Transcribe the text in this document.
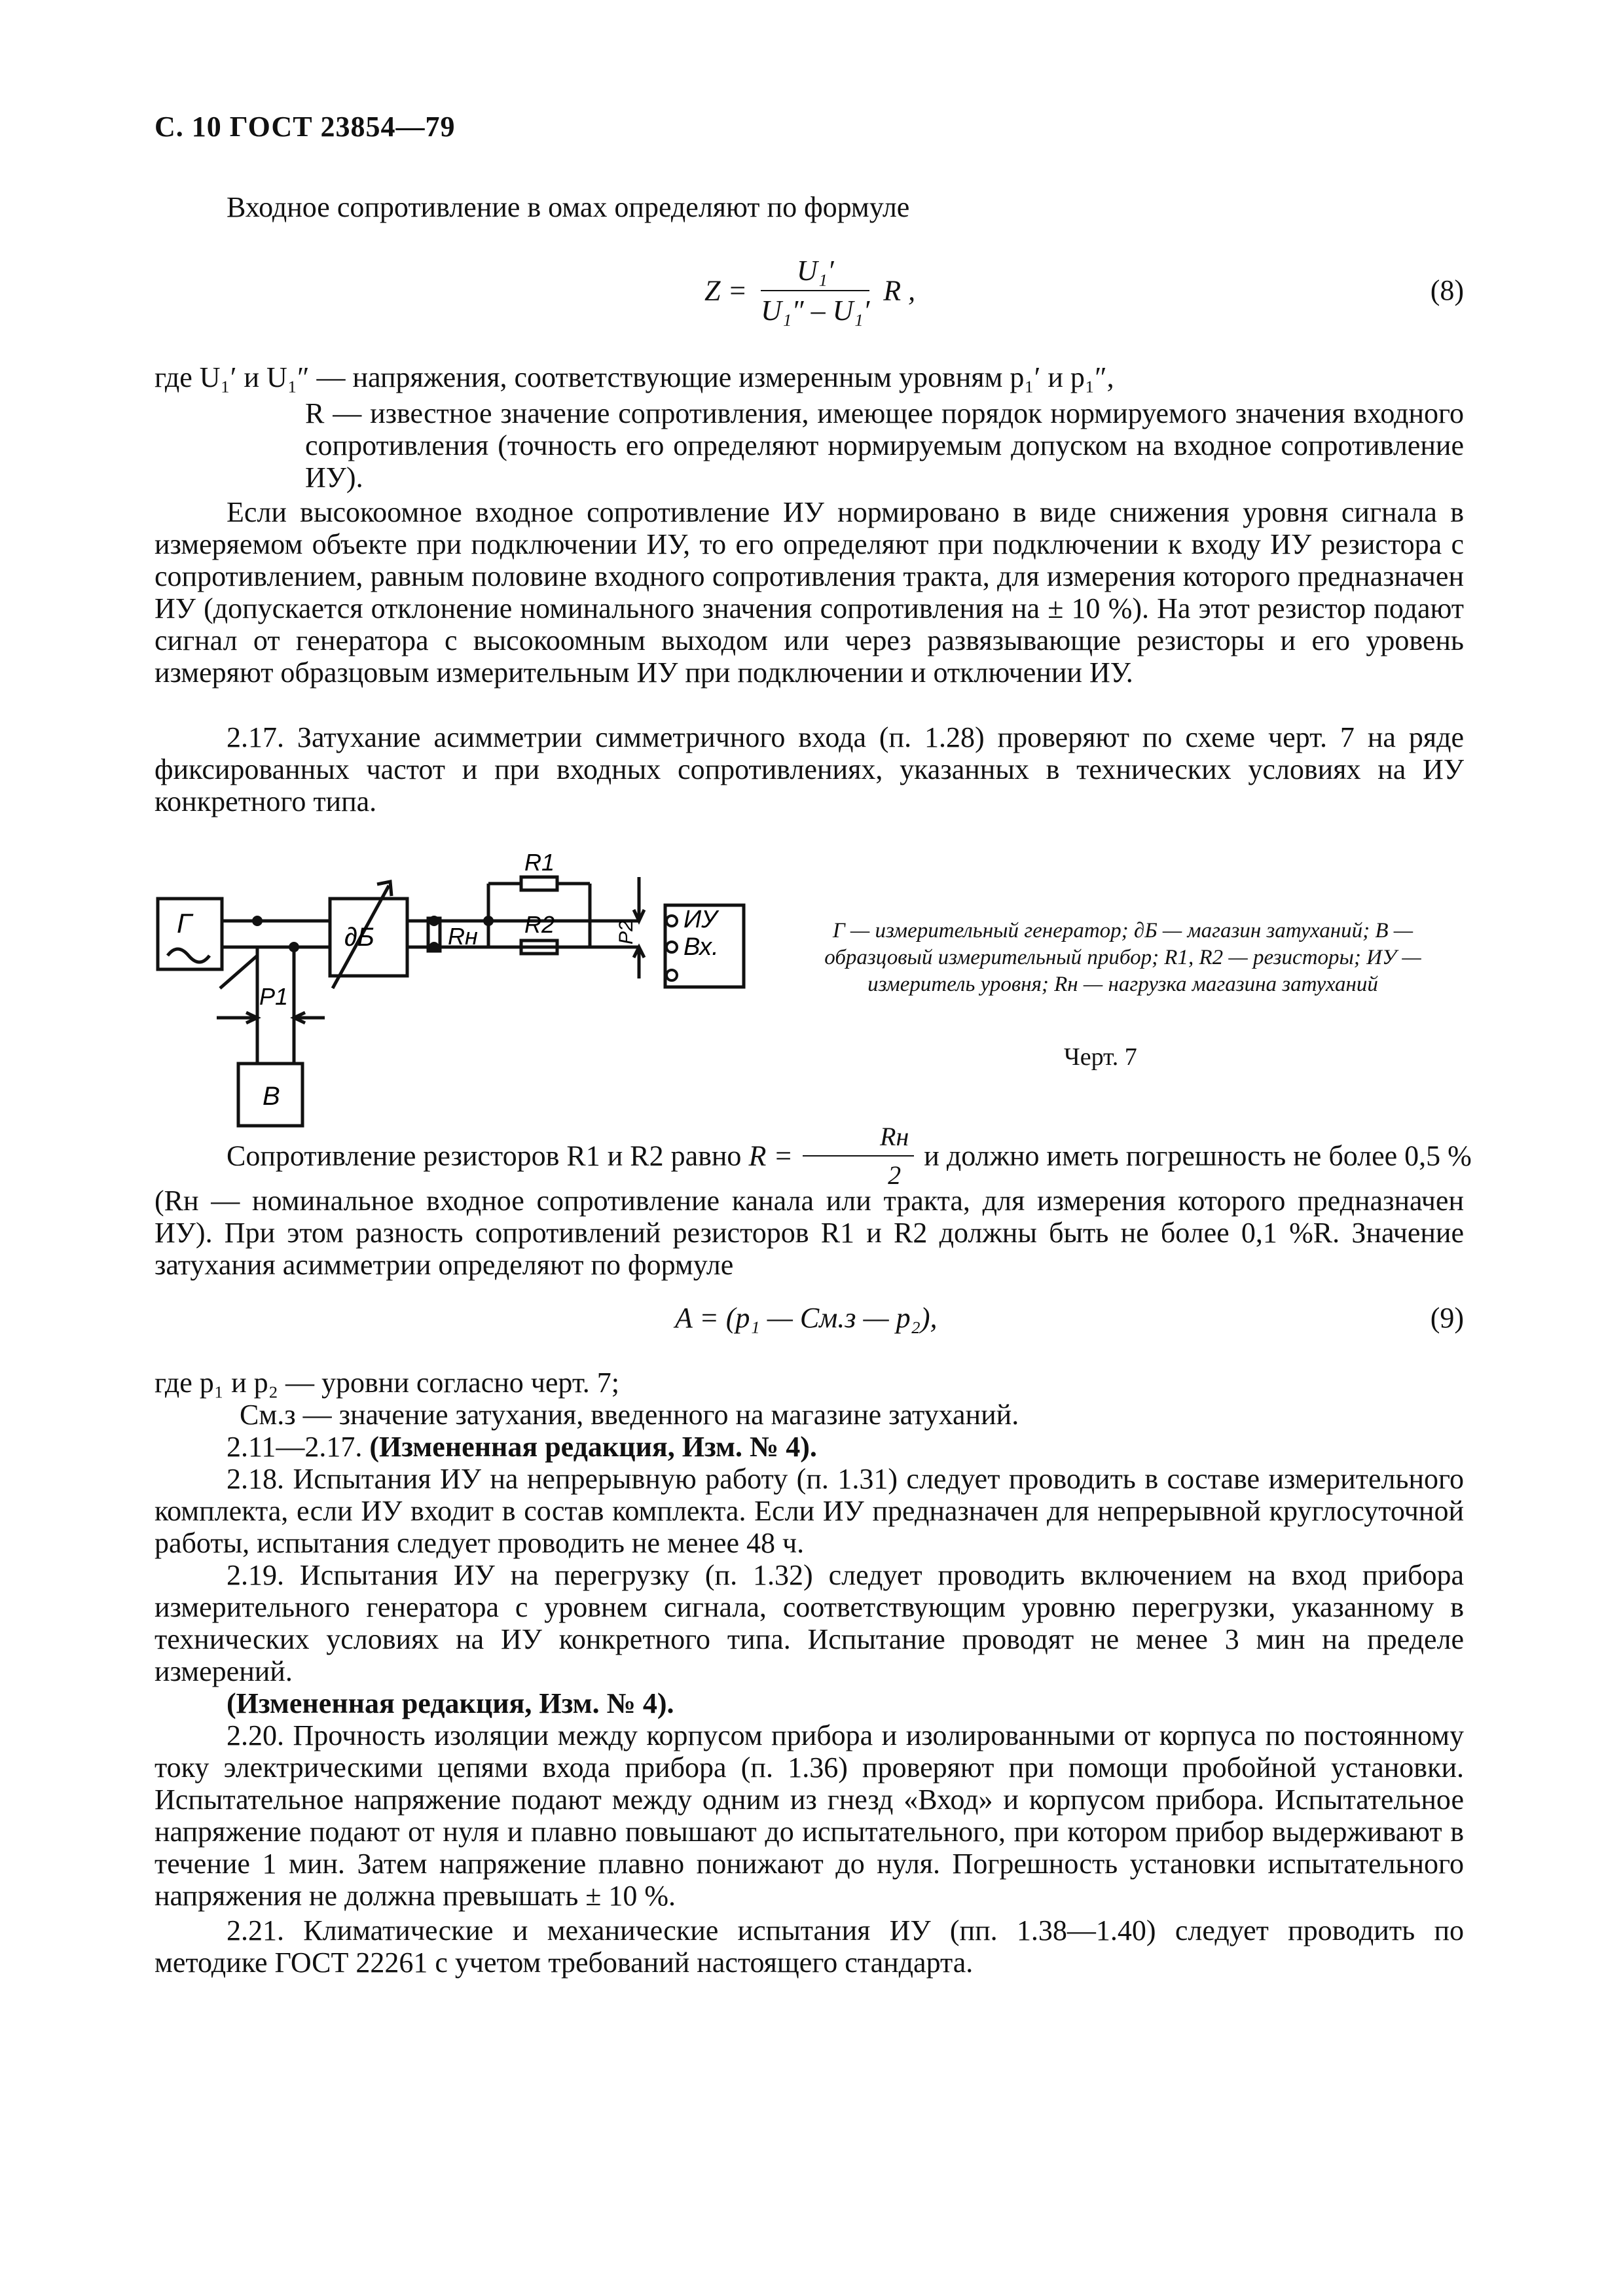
С. 10 ГОСТ 23854—79
Входное сопротивление в омах определяют по формуле
$Z = \frac{\text{U₁′}}{\text{U₁″ – U₁′}}$ R ,	(8)
где U₁′ и U₁″ — напряжения, соответствующие измеренным уровням p₁′ и p₁″,
R — известное значение сопротивления, имеющее порядок нормируемого значения входного сопротивления (точность его определяют нормируемым допуском на входное сопротивление ИУ).
Если высокоомное входное сопротивление ИУ нормировано в виде снижения уровня сигнала в измеряемом объекте при подключении ИУ, то его определяют при подключении к входу ИУ резистора с сопротивлением, равным половине входного сопротивления тракта, для измерения которого предназначен ИУ (допускается отклонение номинального значения сопротивления на ± 10 %). На этот резистор подают сигнал от генератора с высокоомным выходом или через развязывающие резисторы и его уровень измеряют образцовым измерительным ИУ при подключении и отключении ИУ.
2.17. Затухание асимметрии симметричного входа (п. 1.28) проверяют по схеме черт. 7 на ряде фиксированных частот и при входных сопротивлениях, указанных в технических условиях на ИУ конкретного типа.
Г	∂Б	Rн
R1
R2	P2
P1
В
ИУ
Вх.
Г — измерительный генератор; ∂Б — магазин затуханий; В — образцовый измерительный прибор; R1, R2 — резисторы; ИУ — измеритель уровня; Rн — нагрузка магазина затуханий
Черт. 7
Сопротивление резисторов R1 и R2 равно $R = \frac{Rн}{2}$ и должно иметь погрешность не более 0,5 %
(Rн — номинальное входное сопротивление канала или тракта, для измерения которого предназначен ИУ). При этом разность сопротивлений резисторов R1 и R2 должны быть не более 0,1 %R. Значение затухания асимметрии определяют по формуле
A = (p₁ — Cм.з — p₂),	(9)
где p₁ и p₂ — уровни согласно черт. 7;
Cм.з — значение затухания, введенного на магазине затуханий.
2.11—2.17. (Измененная редакция, Изм. № 4).
2.18. Испытания ИУ на непрерывную работу (п. 1.31) следует проводить в составе измерительного комплекта, если ИУ входит в состав комплекта. Если ИУ предназначен для непрерывной круглосуточной работы, испытания следует проводить не менее 48 ч.
2.19. Испытания ИУ на перегрузку (п. 1.32) следует проводить включением на вход прибора измерительного генератора с уровнем сигнала, соответствующим уровню перегрузки, указанному в технических условиях на ИУ конкретного типа. Испытание проводят не менее 3 мин на пределе измерений.
(Измененная редакция, Изм. № 4).
2.20. Прочность изоляции между корпусом прибора и изолированными от корпуса по постоянному току электрическими цепями входа прибора (п. 1.36) проверяют при помощи пробойной установки. Испытательное напряжение подают между одним из гнезд «Вход» и корпусом прибора. Испытательное напряжение подают от нуля и плавно повышают до испытательного, при котором прибор выдерживают в течение 1 мин. Затем напряжение плавно понижают до нуля. Погрешность установки испытательного напряжения не должна превышать ± 10 %.
2.21. Климатические и механические испытания ИУ (пп. 1.38—1.40) следует проводить по методике ГОСТ 22261 с учетом требований настоящего стандарта.
